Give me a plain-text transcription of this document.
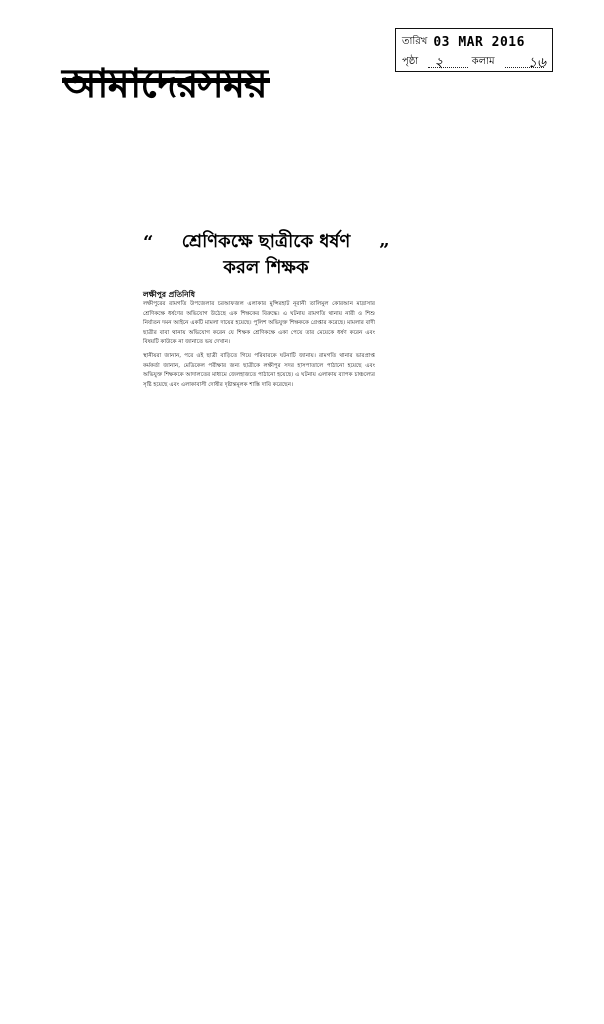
তারিখ 03 MAR 2016
পৃষ্ঠা ২	কলাম ১৬
আমাদেরসময়
“	শ্রেণিকক্ষে ছাত্রীকে ধর্ষণ
করল শিক্ষক
”
লক্ষীপুর প্রতিনিধি

লক্ষীপুরের রামগতি উপজেলার চরআফজল এলাকার মুন্সিরহাট নূরানী তালিমুল কোরআন মাদ্রাসার শ্রেণিকক্ষে ধর্ষণের অভিযোগ উঠেছে এক শিক্ষকের বিরুদ্ধে। এ ঘটনায় রামগতি থানায় নারী ও শিশু নির্যাতন দমন আইনে একটি মামলা দায়ের হয়েছে। পুলিশ অভিযুক্ত শিক্ষককে গ্রেপ্তার করেছে। মামলার বাদী ছাত্রীর বাবা থানায় অভিযোগ করেন যে শিক্ষক শ্রেণিকক্ষে একা পেয়ে তার মেয়েকে ধর্ষণ করেন এবং বিষয়টি কাউকে না জানাতে ভয় দেখান।

স্থানীয়রা জানান, পরে ওই ছাত্রী বাড়িতে গিয়ে পরিবারকে ঘটনাটি জানায়। রামগতি থানার ভারপ্রাপ্ত কর্মকর্তা জানান, মেডিকেল পরীক্ষার জন্য ছাত্রীকে লক্ষীপুর সদর হাসপাতালে পাঠানো হয়েছে এবং অভিযুক্ত শিক্ষককে আদালতের মাধ্যমে জেলহাজতে পাঠানো হয়েছে। এ ঘটনায় এলাকায় ব্যাপক চাঞ্চল্যের সৃষ্টি হয়েছে এবং এলাকাবাসী দোষীর দৃষ্টান্তমূলক শাস্তি দাবি করেছেন।
